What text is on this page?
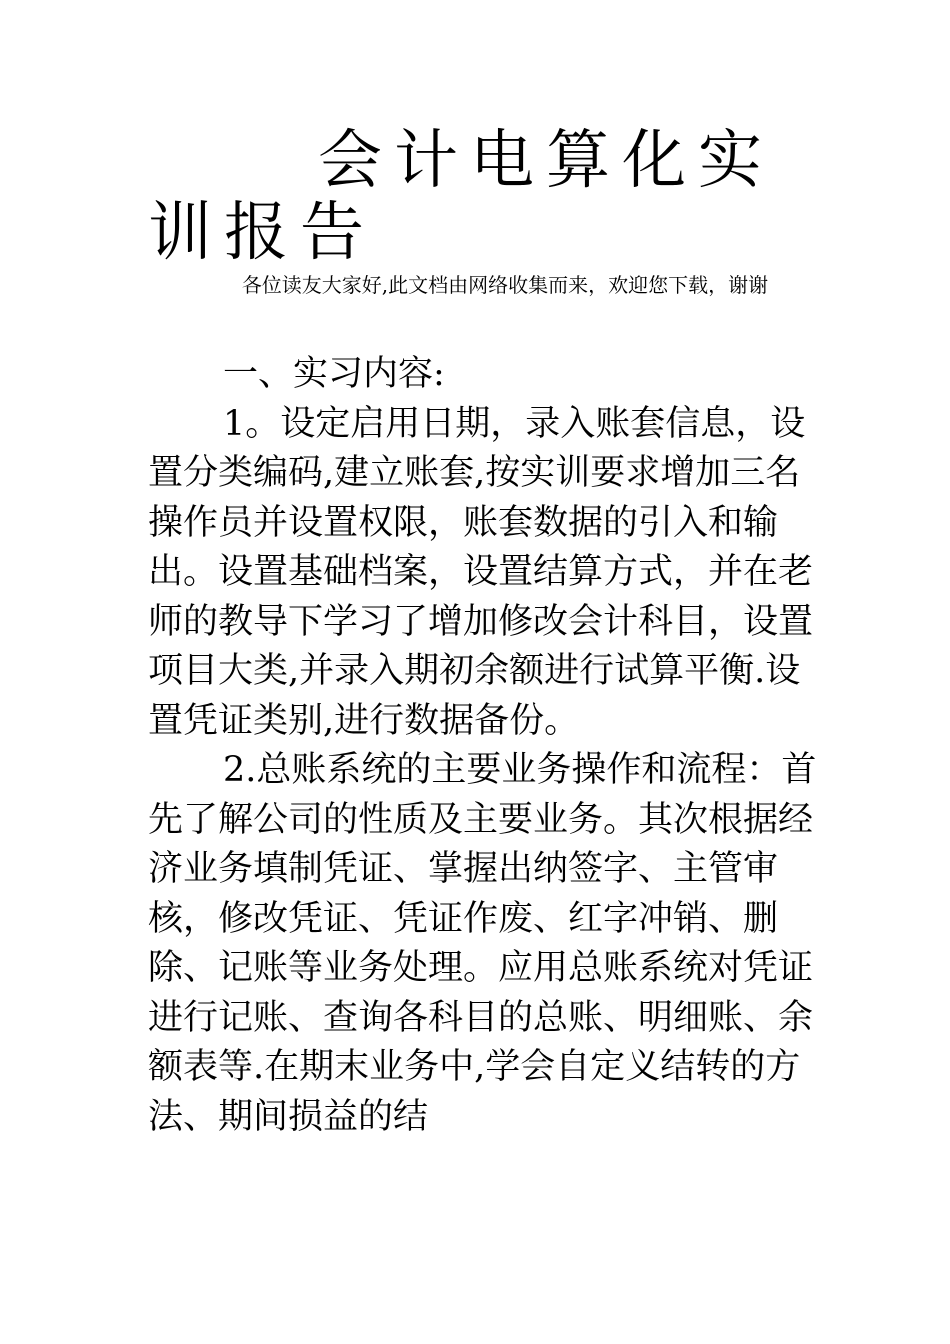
会计电算化实训报告
各位读友大家好,此文档由网络收集而来，欢迎您下载，谢谢

一、实习内容:

1。设定启用日期，录入账套信息，设置分类编码,建立账套,按实训要求增加三名操作员并设置权限，账套数据的引入和输出。设置基础档案，设置结算方式，并在老师的教导下学习了增加修改会计科目，设置项目大类,并录入期初余额进行试算平衡.设置凭证类别,进行数据备份。

2.总账系统的主要业务操作和流程：首先了解公司的性质及主要业务。其次根据经济业务填制凭证、掌握出纳签字、主管审核，修改凭证、凭证作废、红字冲销、删除、记账等业务处理。应用总账系统对凭证进行记账、查询各科目的总账、明细账、余额表等.在期末业务中,学会自定义结转的方法、期间损益的结
